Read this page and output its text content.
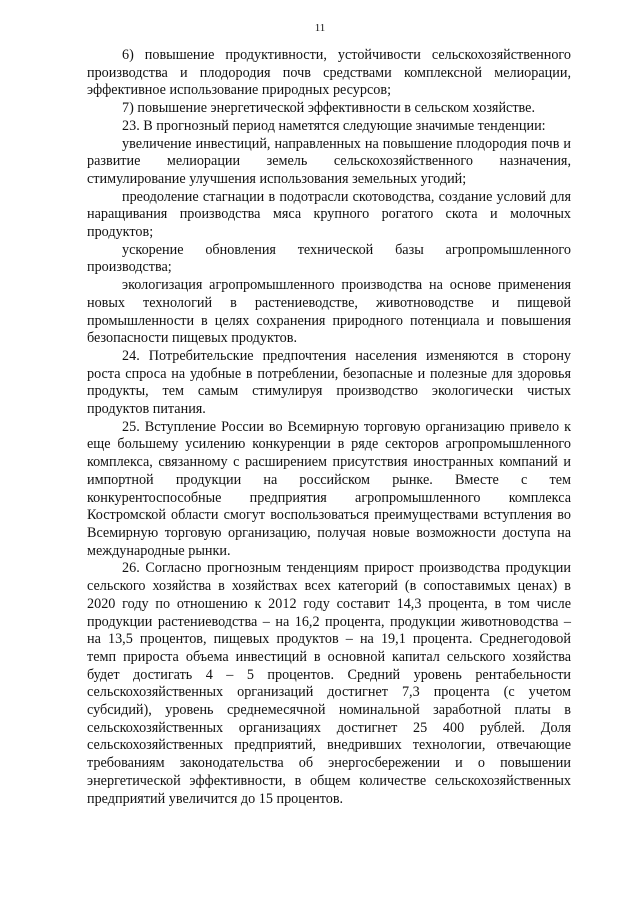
11

6) повышение продуктивности, устойчивости сельскохозяйственного производства и плодородия почв средствами комплексной мелиорации, эффективное использование природных ресурсов;

7) повышение энергетической эффективности в сельском хозяйстве.

23. В прогнозный период наметятся следующие значимые тенденции:

увеличение инвестиций, направленных на повышение плодородия почв и развитие мелиорации земель сельскохозяйственного назначения, стимулирование улучшения использования земельных угодий;

преодоление стагнации в подотрасли скотоводства, создание условий для наращивания производства мяса крупного рогатого скота и молочных продуктов;

ускорение обновления технической базы агропромышленного производства;

экологизация агропромышленного производства на основе применения новых технологий в растениеводстве, животноводстве и пищевой промышленности в целях сохранения природного потенциала и повышения безопасности пищевых продуктов.

24. Потребительские предпочтения населения изменяются в сторону роста спроса на удобные в потреблении, безопасные и полезные для здоровья продукты, тем самым стимулируя производство экологически чистых продуктов питания.

25. Вступление России во Всемирную торговую организацию привело к еще большему усилению конкуренции в ряде секторов агропромышленного комплекса, связанному с расширением присутствия иностранных компаний и импортной продукции на российском рынке. Вместе с тем конкурентоспособные предприятия агропромышленного комплекса Костромской области смогут воспользоваться преимуществами вступления во Всемирную торговую организацию, получая новые возможности доступа на международные рынки.

26. Согласно прогнозным тенденциям прирост производства продукции сельского хозяйства в хозяйствах всех категорий (в сопоставимых ценах) в 2020 году по отношению к 2012 году составит 14,3 процента, в том числе продукции растениеводства – на 16,2 процента, продукции животноводства – на 13,5 процентов, пищевых продуктов – на 19,1 процента. Среднегодовой темп прироста объема инвестиций в основной капитал сельского хозяйства будет достигать 4 – 5 процентов. Средний уровень рентабельности сельскохозяйственных организаций достигнет 7,3 процента (с учетом субсидий), уровень среднемесячной номинальной заработной платы в сельскохозяйственных организациях достигнет 25 400 рублей. Доля сельскохозяйственных предприятий, внедривших технологии, отвечающие требованиям законодательства об энергосбережении и о повышении энергетической эффективности, в общем количестве сельскохозяйственных предприятий увеличится до 15 процентов.
